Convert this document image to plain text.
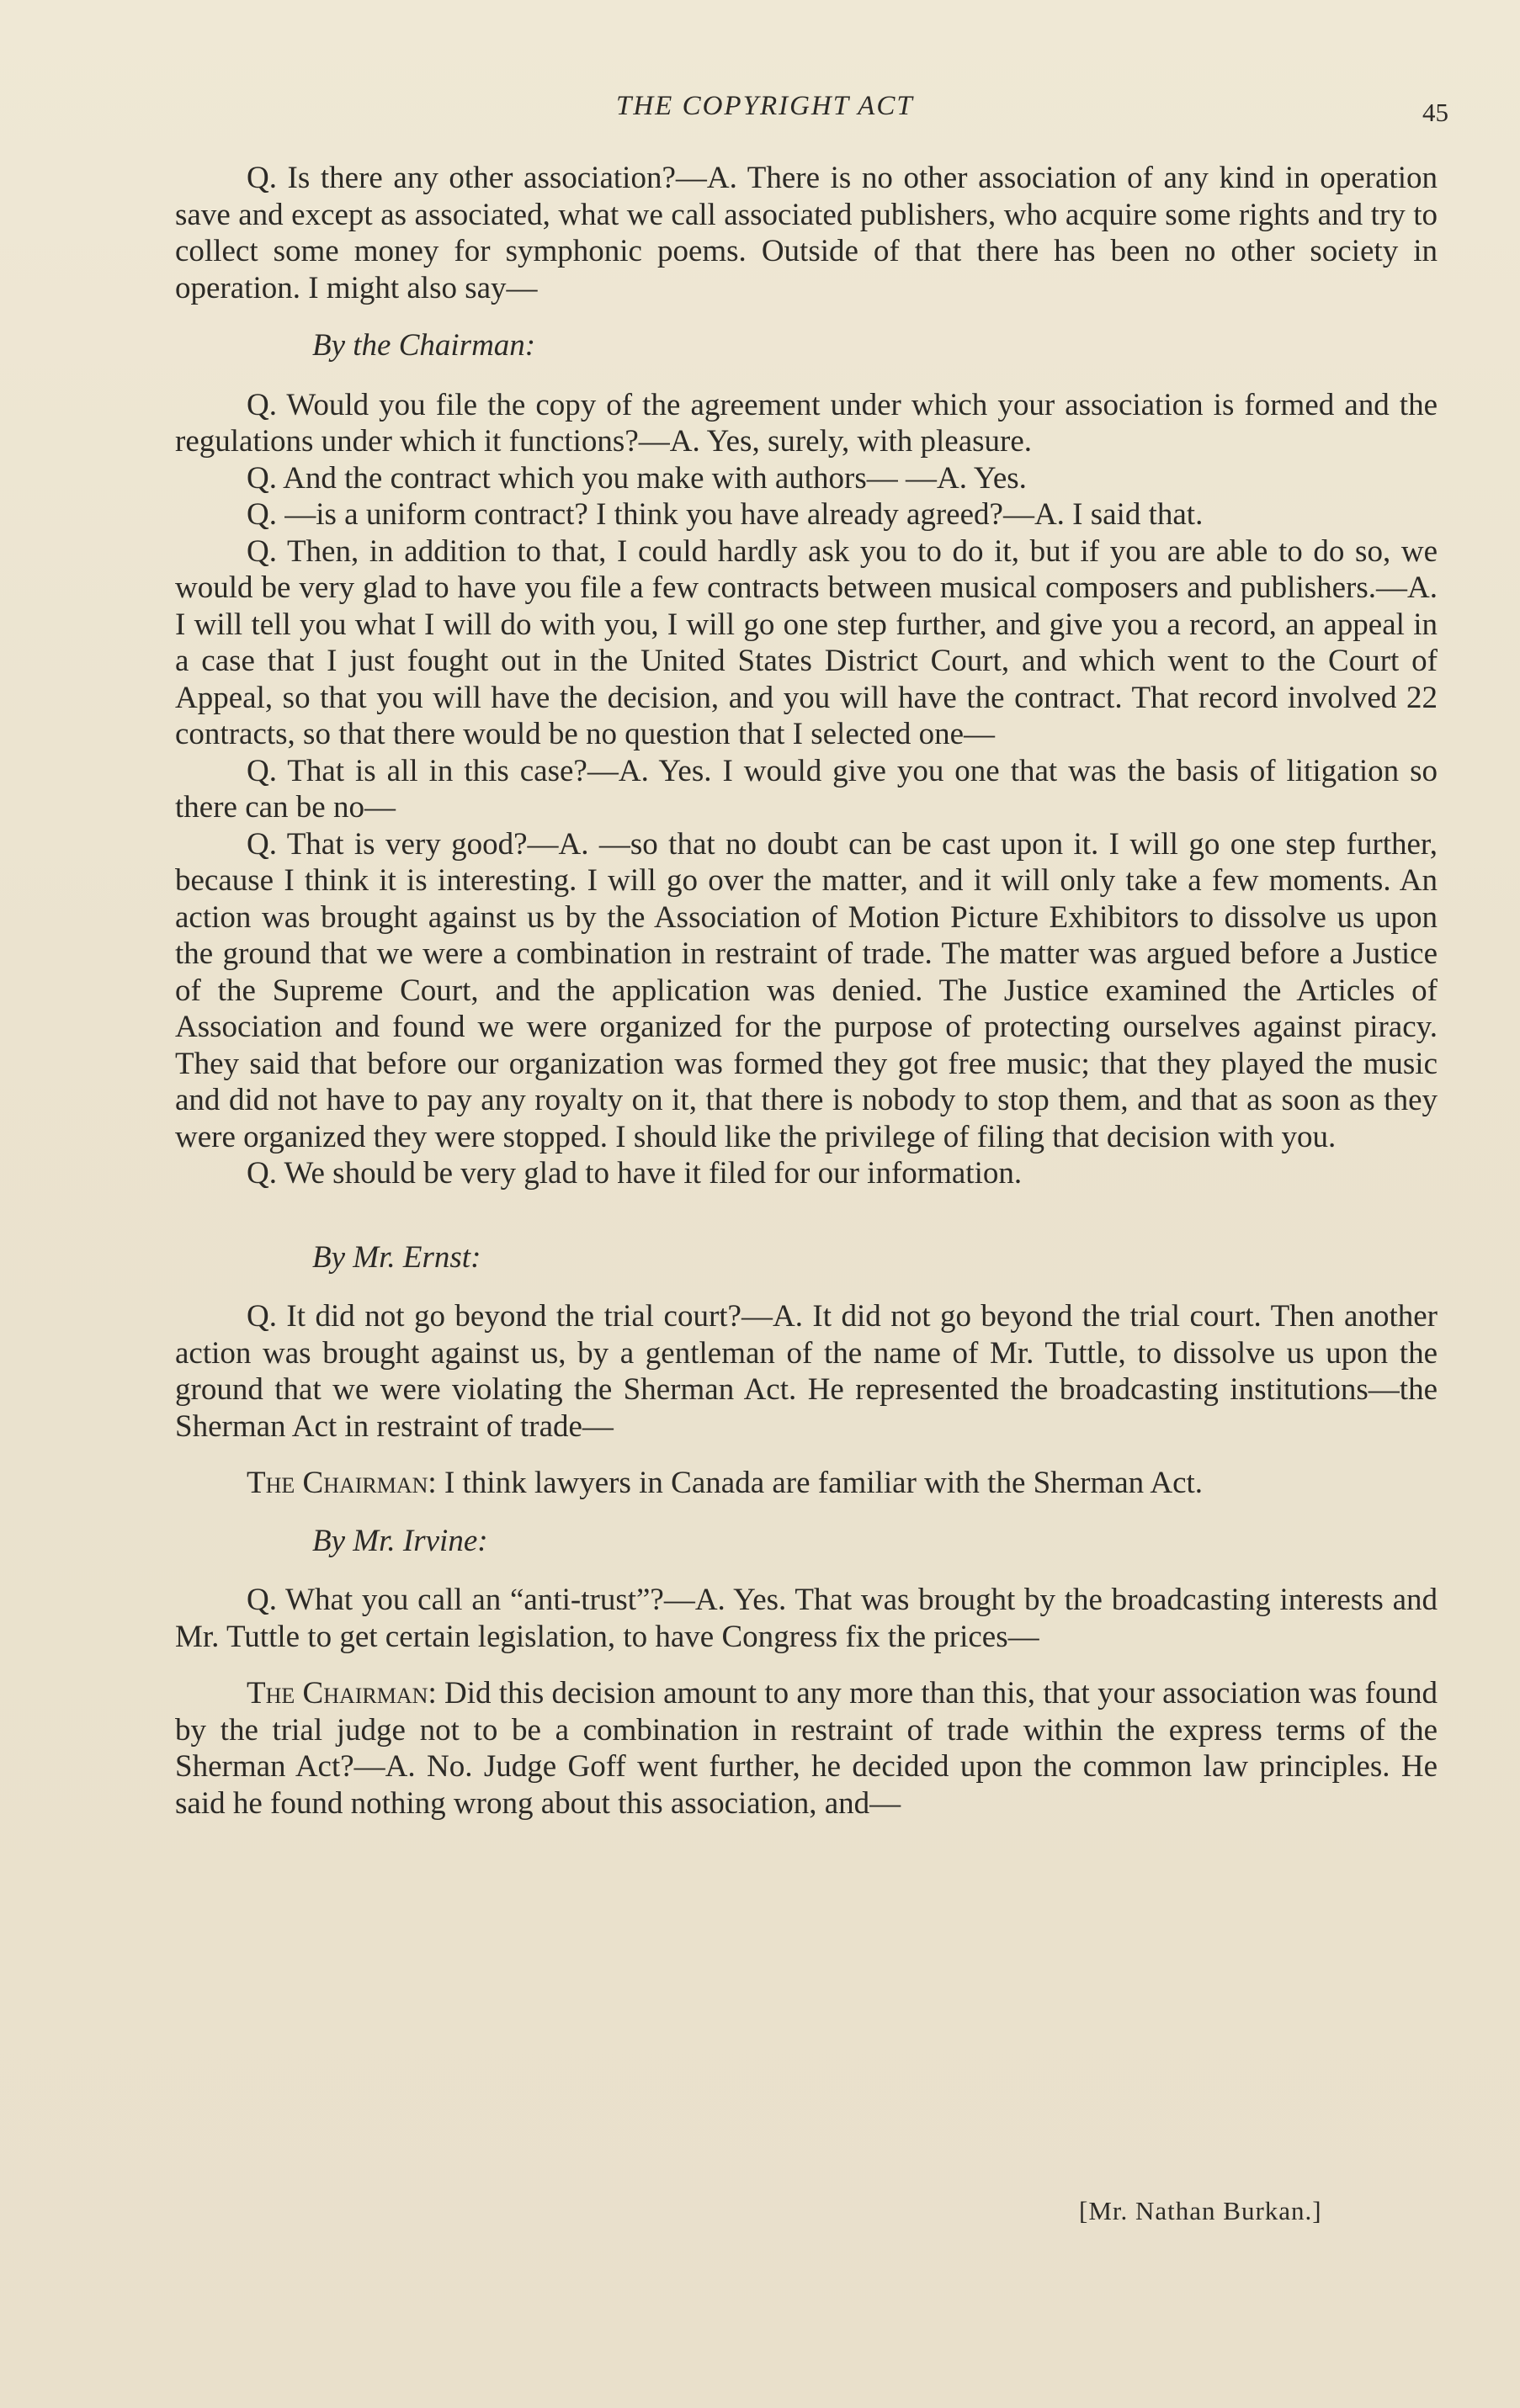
THE COPYRIGHT ACT	45

Q. Is there any other association?—A. There is no other association of any kind in operation save and except as associated, what we call associated publishers, who acquire some rights and try to collect some money for symphonic poems. Outside of that there has been no other society in operation. I might also say—

By the Chairman:

Q. Would you file the copy of the agreement under which your association is formed and the regulations under which it functions?—A. Yes, surely, with pleasure.

Q. And the contract which you make with authors— —A. Yes.

Q. —is a uniform contract? I think you have already agreed?—A. I said that.

Q. Then, in addition to that, I could hardly ask you to do it, but if you are able to do so, we would be very glad to have you file a few contracts between musical composers and publishers.—A. I will tell you what I will do with you, I will go one step further, and give you a record, an appeal in a case that I just fought out in the United States District Court, and which went to the Court of Appeal, so that you will have the decision, and you will have the contract. That record involved 22 contracts, so that there would be no question that I selected one—

Q. That is all in this case?—A. Yes. I would give you one that was the basis of litigation so there can be no—

Q. That is very good?—A. —so that no doubt can be cast upon it. I will go one step further, because I think it is interesting. I will go over the matter, and it will only take a few moments. An action was brought against us by the Association of Motion Picture Exhibitors to dissolve us upon the ground that we were a combination in restraint of trade. The matter was argued before a Justice of the Supreme Court, and the application was denied. The Justice examined the Articles of Association and found we were organized for the purpose of protecting ourselves against piracy. They said that before our organization was formed they got free music; that they played the music and did not have to pay any royalty on it, that there is nobody to stop them, and that as soon as they were organized they were stopped. I should like the privilege of filing that decision with you.

Q. We should be very glad to have it filed for our information.

By Mr. Ernst:

Q. It did not go beyond the trial court?—A. It did not go beyond the trial court. Then another action was brought against us, by a gentleman of the name of Mr. Tuttle, to dissolve us upon the ground that we were violating the Sherman Act. He represented the broadcasting institutions—the Sherman Act in restraint of trade—

The Chairman: I think lawyers in Canada are familiar with the Sherman Act.

By Mr. Irvine:

Q. What you call an “anti-trust”?—A. Yes. That was brought by the broadcasting interests and Mr. Tuttle to get certain legislation, to have Congress fix the prices—

The Chairman: Did this decision amount to any more than this, that your association was found by the trial judge not to be a combination in restraint of trade within the express terms of the Sherman Act?—A. No. Judge Goff went further, he decided upon the common law principles. He said he found nothing wrong about this association, and—

[Mr. Nathan Burkan.]
